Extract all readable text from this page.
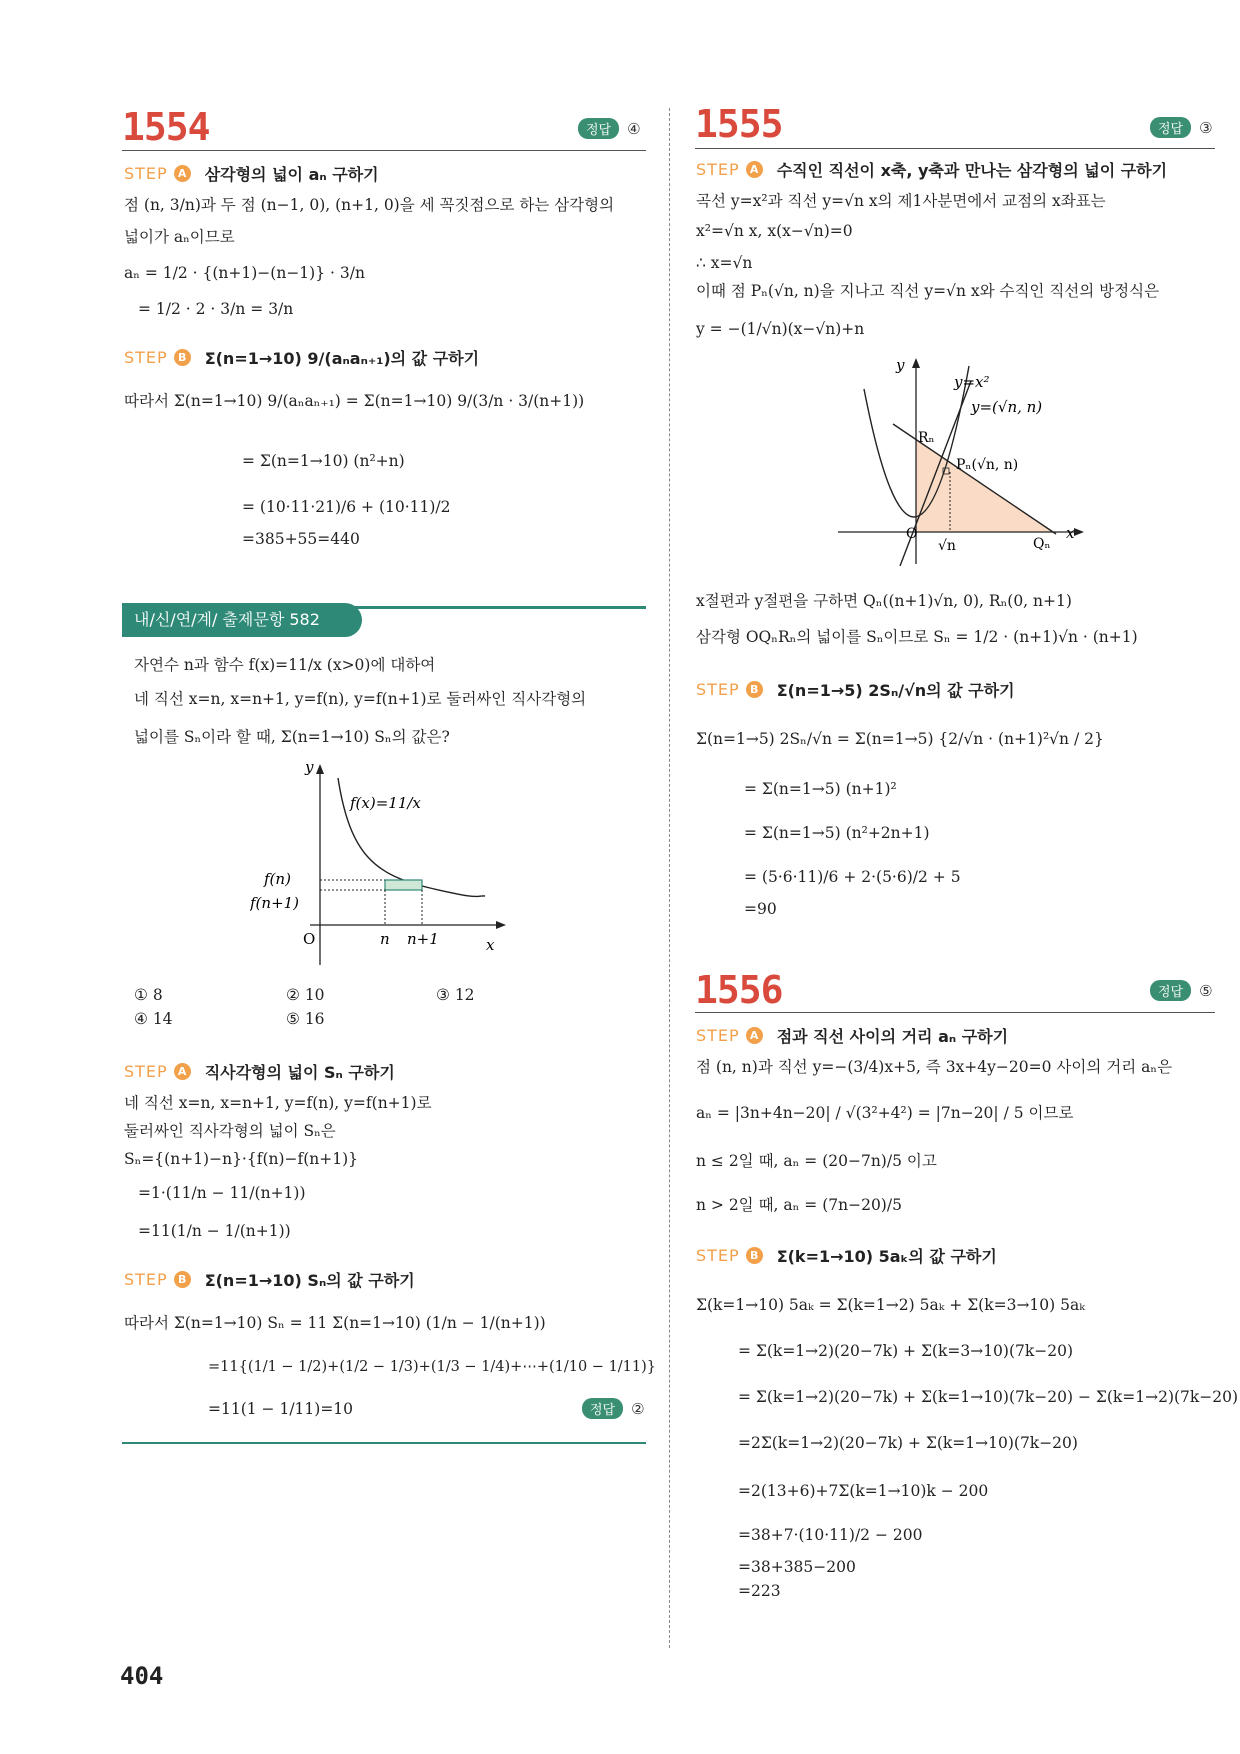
1554	정답	④
STEP A 삼각형의 넓이 aₙ 구하기
점 (n, 3/n)과 두 점 (n−1, 0), (n+1, 0)을 세 꼭짓점으로 하는 삼각형의
넓이가 aₙ이므로
aₙ = 1/2 · {(n+1)−(n−1)} · 3/n
= 1/2 · 2 · 3/n = 3/n
STEP B Σ(n=1→10) 9/(aₙaₙ₊₁)의 값 구하기
따라서 Σ(n=1→10) 9/(aₙaₙ₊₁) = Σ(n=1→10) 9/(3/n · 3/(n+1))
= Σ(n=1→10) (n²+n)
= (10·11·21)/6 + (10·11)/2
=385+55=440
내/신/연/계/ 출제문항 582
자연수 n과 함수 f(x)=11/x (x>0)에 대하여
네 직선 x=n, x=n+1, y=f(n), y=f(n+1)로 둘러싸인 직사각형의
넓이를 Sₙ이라 할 때, Σ(n=1→10) Sₙ의 값은?
y
x
O
f(x)=11/x
f(n)
f(n+1)
n n+1
① 8	② 10	③ 12
④ 14	⑤ 16
STEP A 직사각형의 넓이 Sₙ 구하기
네 직선 x=n, x=n+1, y=f(n), y=f(n+1)로
둘러싸인 직사각형의 넓이 Sₙ은
Sₙ={(n+1)−n}·{f(n)−f(n+1)}
=1·(11/n − 11/(n+1))
=11(1/n − 1/(n+1))
STEP B Σ(n=1→10) Sₙ의 값 구하기
따라서 Σ(n=1→10) Sₙ = 11 Σ(n=1→10) (1/n − 1/(n+1))
=11{(1/1 − 1/2)+(1/2 − 1/3)+(1/3 − 1/4)+⋯+(1/10 − 1/11)}
=11(1 − 1/11)=10	정답	②
1555	정답	③
STEP A 수직인 직선이 x축, y축과 만나는 삼각형의 넓이 구하기
곡선 y=x²과 직선 y=√n x의 제1사분면에서 교점의 x좌표는
x²=√n x, x(x−√n)=0
∴ x=√n
이때 점 Pₙ(√n, n)을 지나고 직선 y=√n x와 수직인 직선의 방정식은
y = −(1/√n)(x−√n)+n
y
x
O
y=x²
y=(√n, n)
Rₙ
Pₙ(√n, n)
Qₙ
√n
x절편과 y절편을 구하면 Qₙ((n+1)√n, 0), Rₙ(0, n+1)
삼각형 OQₙRₙ의 넓이를 Sₙ이므로 Sₙ = 1/2 · (n+1)√n · (n+1)
STEP B Σ(n=1→5) 2Sₙ/√n의 값 구하기
Σ(n=1→5) 2Sₙ/√n = Σ(n=1→5) {2/√n · (n+1)²√n / 2}
= Σ(n=1→5) (n+1)²
= Σ(n=1→5) (n²+2n+1)
= (5·6·11)/6 + 2·(5·6)/2 + 5
=90
1556	정답	⑤
STEP A 점과 직선 사이의 거리 aₙ 구하기
점 (n, n)과 직선 y=−(3/4)x+5, 즉 3x+4y−20=0 사이의 거리 aₙ은
aₙ = |3n+4n−20| / √(3²+4²) = |7n−20| / 5 이므로
n ≤ 2일 때, aₙ = (20−7n)/5 이고
n > 2일 때, aₙ = (7n−20)/5
STEP B Σ(k=1→10) 5aₖ의 값 구하기
Σ(k=1→10) 5aₖ = Σ(k=1→2) 5aₖ + Σ(k=3→10) 5aₖ
= Σ(k=1→2)(20−7k) + Σ(k=3→10)(7k−20)
= Σ(k=1→2)(20−7k) + Σ(k=1→10)(7k−20) − Σ(k=1→2)(7k−20)
=2Σ(k=1→2)(20−7k) + Σ(k=1→10)(7k−20)
=2(13+6)+7Σ(k=1→10)k − 200
=38+7·(10·11)/2 − 200
=38+385−200
=223
404
